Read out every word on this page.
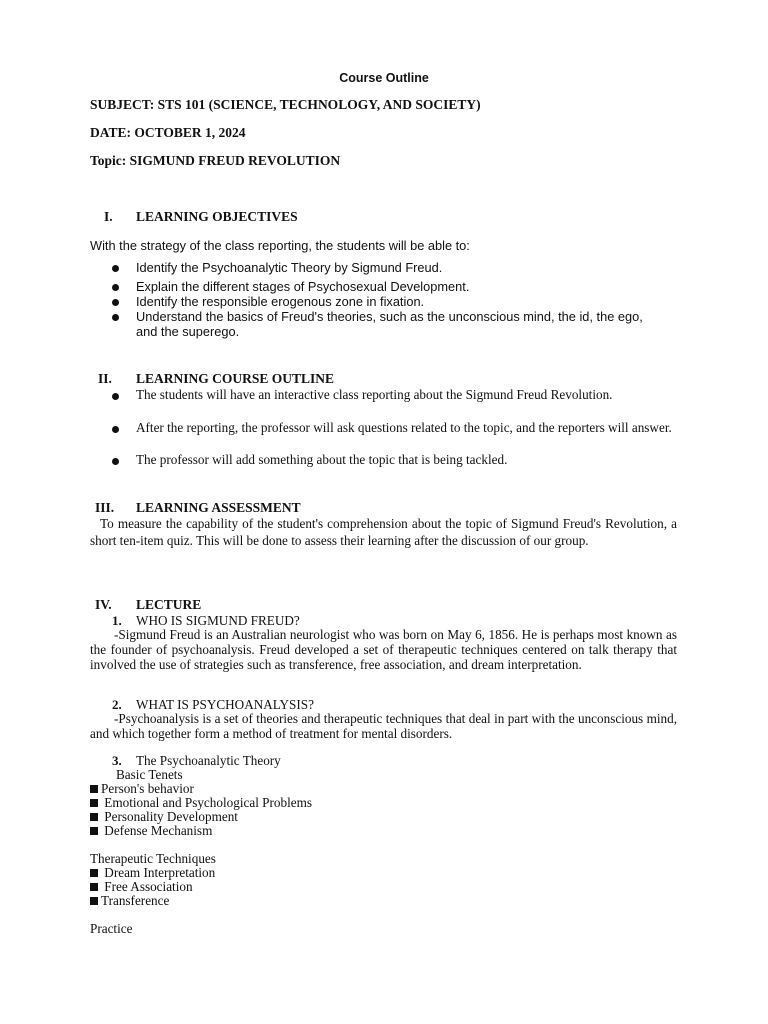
Course Outline
SUBJECT: STS 101 (SCIENCE, TECHNOLOGY, AND SOCIETY)
DATE: OCTOBER 1, 2024
Topic: SIGMUND FREUD REVOLUTION
I. LEARNING OBJECTIVES
With the strategy of the class reporting, the students will be able to:
Identify the Psychoanalytic Theory by Sigmund Freud.
Explain the different stages of Psychosexual Development.
Identify the responsible erogenous zone in fixation.
Understand the basics of Freud's theories, such as the unconscious mind, the id, the ego, and the superego.
II. LEARNING COURSE OUTLINE
The students will have an interactive class reporting about the Sigmund Freud Revolution.
After the reporting, the professor will ask questions related to the topic, and the reporters will answer.
The professor will add something about the topic that is being tackled.
III. LEARNING ASSESSMENT
To measure the capability of the student's comprehension about the topic of Sigmund Freud's Revolution, a short ten-item quiz. This will be done to assess their learning after the discussion of our group.
IV. LECTURE
1. WHO IS SIGMUND FREUD?
-Sigmund Freud is an Australian neurologist who was born on May 6, 1856. He is perhaps most known as the founder of psychoanalysis. Freud developed a set of therapeutic techniques centered on talk therapy that involved the use of strategies such as transference, free association, and dream interpretation.
2. WHAT IS PSYCHOANALYSIS?
-Psychoanalysis is a set of theories and therapeutic techniques that deal in part with the unconscious mind, and which together form a method of treatment for mental disorders.
3. The Psychoanalytic Theory
Basic Tenets
Person's behavior
Emotional and Psychological Problems
Personality Development
Defense Mechanism
Therapeutic Techniques
Dream Interpretation
Free Association
Transference
Practice
